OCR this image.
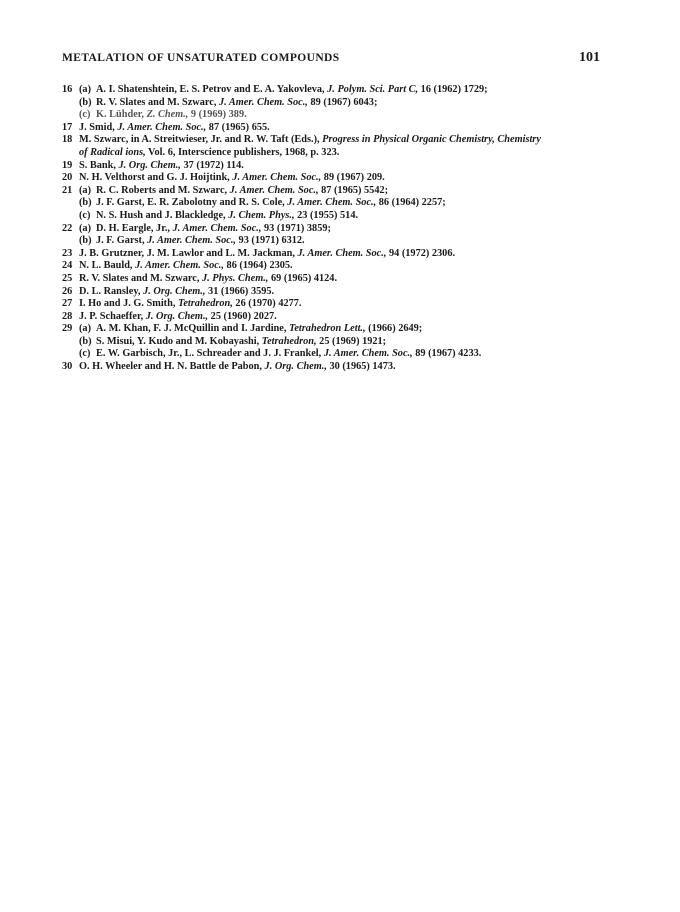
METALATION OF UNSATURATED COMPOUNDS	101
16 (a) A. I. Shatenshtein, E. S. Petrov and E. A. Yakovleva, J. Polym. Sci. Part C, 16 (1962) 1729;
(b) R. V. Slates and M. Szwarc, J. Amer. Chem. Soc., 89 (1967) 6043;
(c) K. Lühder, Z. Chem., 9 (1969) 389.
17 J. Smid, J. Amer. Chem. Soc., 87 (1965) 655.
18 M. Szwarc, in A. Streitwieser, Jr. and R. W. Taft (Eds.), Progress in Physical Organic Chemistry, Chemistry
of Radical ions, Vol. 6, Interscience publishers, 1968, p. 323.
19 S. Bank, J. Org. Chem., 37 (1972) 114.
20 N. H. Velthorst and G. J. Hoijtink, J. Amer. Chem. Soc., 89 (1967) 209.
21 (a) R. C. Roberts and M. Szwarc, J. Amer. Chem. Soc., 87 (1965) 5542;
(b) J. F. Garst, E. R. Zabolotny and R. S. Cole, J. Amer. Chem. Soc., 86 (1964) 2257;
(c) N. S. Hush and J. Blackledge, J. Chem. Phys., 23 (1955) 514.
22 (a) D. H. Eargle, Jr., J. Amer. Chem. Soc., 93 (1971) 3859;
(b) J. F. Garst, J. Amer. Chem. Soc., 93 (1971) 6312.
23 J. B. Grutzner, J. M. Lawlor and L. M. Jackman, J. Amer. Chem. Soc., 94 (1972) 2306.
24 N. L. Bauld, J. Amer. Chem. Soc., 86 (1964) 2305.
25 R. V. Slates and M. Szwarc, J. Phys. Chem., 69 (1965) 4124.
26 D. L. Ransley, J. Org. Chem., 31 (1966) 3595.
27 I. Ho and J. G. Smith, Tetrahedron, 26 (1970) 4277.
28 J. P. Schaeffer, J. Org. Chem., 25 (1960) 2027.
29 (a) A. M. Khan, F. J. McQuillin and I. Jardine, Tetrahedron Lett., (1966) 2649;
(b) S. Misui, Y. Kudo and M. Kobayashi, Tetrahedron, 25 (1969) 1921;
(c) E. W. Garbisch, Jr., L. Schreader and J. J. Frankel, J. Amer. Chem. Soc., 89 (1967) 4233.
30 O. H. Wheeler and H. N. Battle de Pabon, J. Org. Chem., 30 (1965) 1473.
